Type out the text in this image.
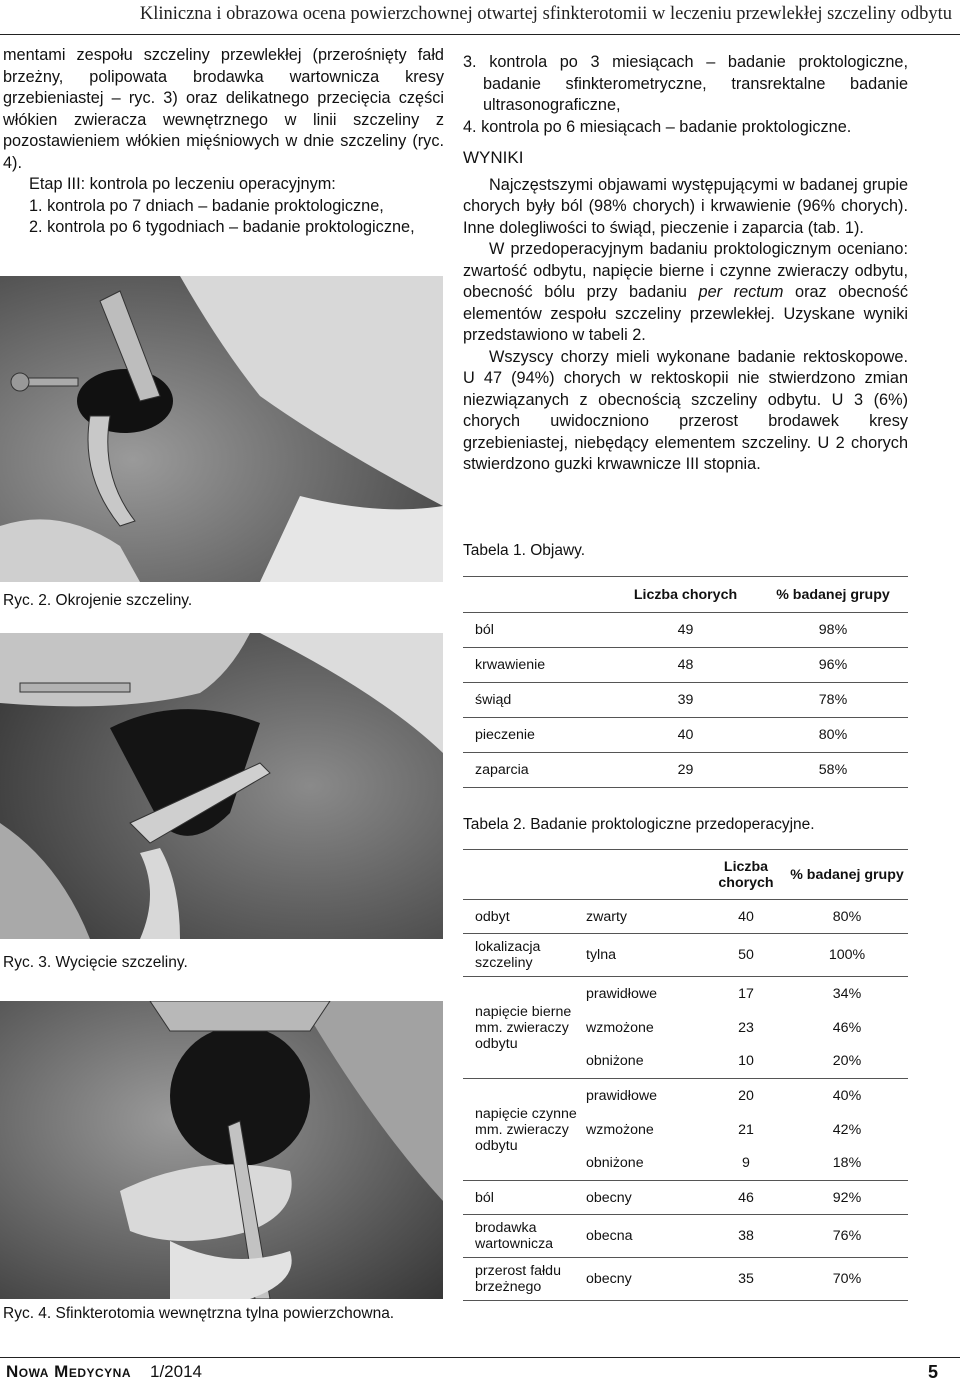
Kliniczna i obrazowa ocena powierzchownej otwartej sfinkterotomii w leczeniu przewlekłej szczeliny odbytu

mentami zespołu szczeliny przewlekłej (przerośnięty fałd brzeżny, polipowata brodawka wartownicza kresy grzebieniastej – ryc. 3) oraz delikatnego przecięcia części włókien zwieracza wewnętrznego w linii szczeliny z pozostawieniem włókien mięśniowych w dnie szczeliny (ryc. 4).

Etap III: kontrola po leczeniu operacyjnym:

1. kontrola po 7 dniach – badanie proktologiczne,

2. kontrola po 6 tygodniach – badanie proktologiczne,

Ryc. 2. Okrojenie szczeliny.
Ryc. 3. Wycięcie szczeliny.
Ryc. 4. Sfinkterotomia wewnętrzna tylna powierzchowna.

3. kontrola po 3 miesiącach – badanie proktologiczne, badanie sfinkterometryczne, transrektalne badanie ultrasonograficzne,

4. kontrola po 6 miesiącach – badanie proktologiczne.

WYNIKI

Najczęstszymi objawami występującymi w badanej grupie chorych były ból (98% chorych) i krwawienie (96% chorych). Inne dolegliwości to świąd, pieczenie i zaparcia (tab. 1).

W przedoperacyjnym badaniu proktologicznym oceniano: zwartość odbytu, napięcie bierne i czynne zwieraczy odbytu, obecność bólu przy badaniu per rectum oraz obecność elementów zespołu szczeliny przewlekłej. Uzyskane wyniki przedstawiono w tabeli 2.

Wszyscy chorzy mieli wykonane badanie rektoskopowe. U 47 (94%) chorych w rektoskopii nie stwierdzono zmian niezwiązanych z obecnością szczeliny odbytu. U 3 (6%) chorych uwidoczniono przerost brodawek kresy grzebieniastej, niebędący elementem szczeliny. U 2 chorych stwierdzono guzki krwawnicze III stopnia.

Tabela 1. Objawy.
	Liczba chorych	% badanej grupy
ból	49	98%
krwawienie	48	96%
świąd	39	78%
pieczenie	40	80%
zaparcia	29	58%
Tabela 2. Badanie proktologiczne przedoperacyjne.
		Liczba chorych	% badanej grupy
odbyt	zwarty	40	80%
lokalizacja szczeliny	tylna	50	100%
napięcie bierne mm. zwieraczy odbytu	prawidłowe	17	34%
	wzmożone	23	46%
	obniżone	10	20%
napięcie czynne mm. zwieraczy odbytu	prawidłowe	20	40%
	wzmożone	21	42%
	obniżone	9	18%
ból	obecny	46	92%
brodawka wartownicza	obecna	38	76%
przerost fałdu brzeżnego	obecny	35	70%
Nowa Medycyna 1/2014	5
